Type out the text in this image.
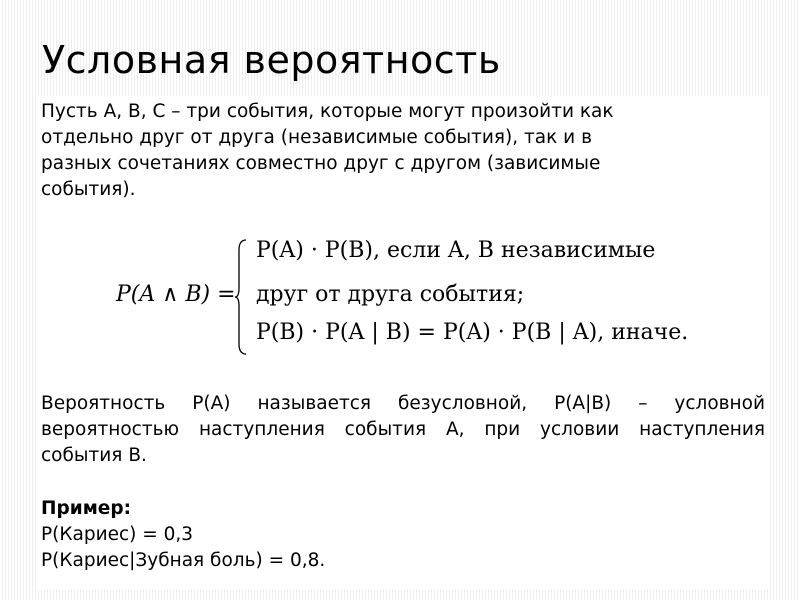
Условная вероятность
Пусть A, B, C – три события, которые могут произойти как
отдельно друг от друга (независимые события), так и в
разных сочетаниях совместно друг с другом (зависимые
события).
P(A ∧ B) =
P(A) · P(B), если A, B независимые
друг от друга события;
P(B) · P(A | B) = P(A) · P(B | A), иначе.
Вероятность P(A) называется безусловной, P(A|B) – условной вероятностью наступления события A, при условии наступления события B.
Пример:
P(Кариес) = 0,3
P(Кариес|Зубная боль) = 0,8.
